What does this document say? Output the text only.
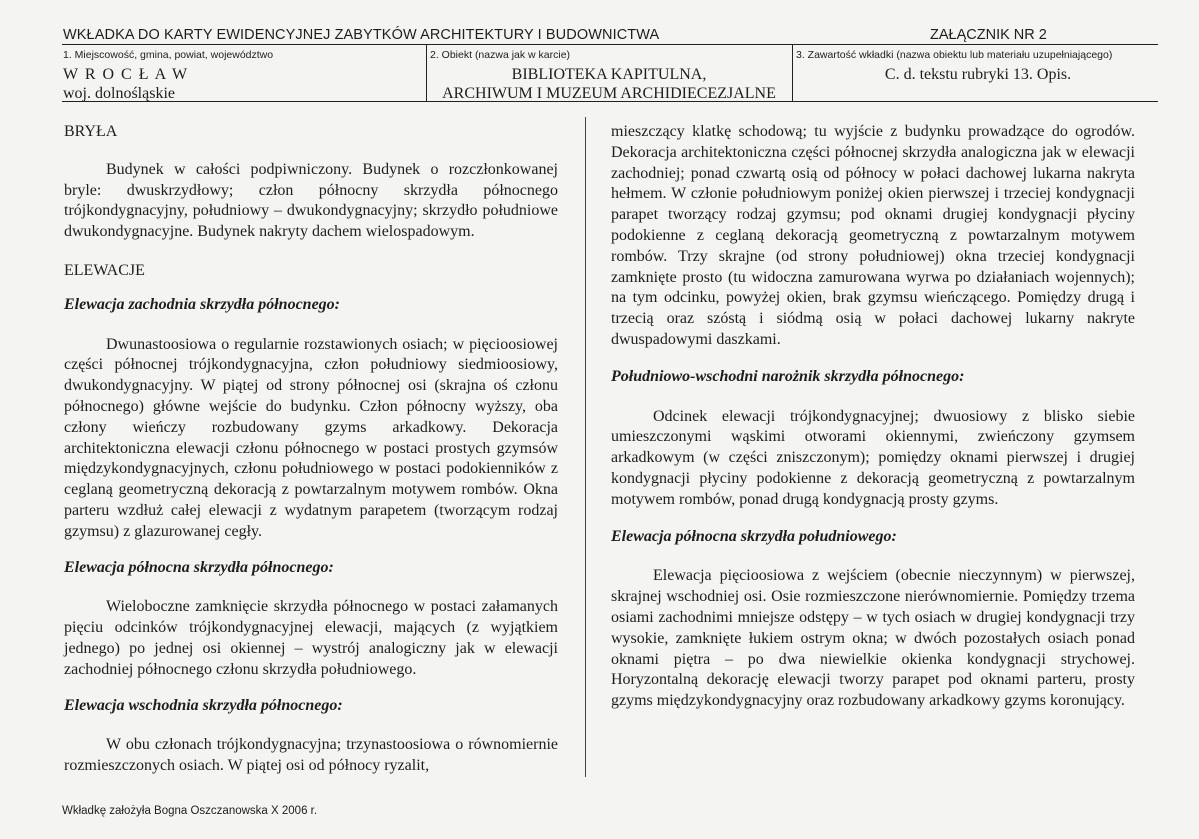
WKŁADKA DO KARTY EWIDENCYJNEJ ZABYTKÓW ARCHITEKTURY I BUDOWNICTWA	ZAŁĄCZNIK NR 2
1. Miejscowość, gmina, powiat, województwo
W R O C Ł A W
woj. dolnośląskie
2. Obiekt (nazwa jak w karcie)
BIBLIOTEKA KAPITULNA,
ARCHIWUM I MUZEUM ARCHIDIECEZJALNE
3. Zawartość wkładki (nazwa obiektu lub materiału uzupełniającego)
C. d. tekstu rubryki 13. Opis.

BRYŁA

Budynek w całości podpiwniczony. Budynek o rozczłonkowanej bryle: dwuskrzydłowy; człon północny skrzydła północnego trójkondygnacyjny, południowy – dwukondygnacyjny; skrzydło południowe dwukondygnacyjne. Budynek nakryty dachem wielospadowym.

ELEWACJE

Elewacja zachodnia skrzydła północnego:

Dwunastoosiowa o regularnie rozstawionych osiach; w pięcioosiowej części północnej trójkondygnacyjna, człon południowy siedmioosiowy, dwukondygnacyjny. W piątej od strony północnej osi (skrajna oś członu północnego) główne wejście do budynku. Człon północny wyższy, oba człony wieńczy rozbudowany gzyms arkadkowy. Dekoracja architektoniczna elewacji członu północnego w postaci prostych gzymsów międzykondygnacyjnych, członu południowego w postaci podokienników z ceglaną geometryczną dekoracją z powtarzalnym motywem rombów. Okna parteru wzdłuż całej elewacji z wydatnym parapetem (tworzącym rodzaj gzymsu) z glazurowanej cegły.

Elewacja północna skrzydła północnego:

Wieloboczne zamknięcie skrzydła północnego w postaci załamanych pięciu odcinków trójkondygnacyjnej elewacji, mających (z wyjątkiem jednego) po jednej osi okiennej – wystrój analogiczny jak w elewacji zachodniej północnego członu skrzydła południowego.

Elewacja wschodnia skrzydła północnego:

W obu członach trójkondygnacyjna; trzynastoosiowa o równomiernie rozmieszczonych osiach. W piątej osi od północy ryzalit,

mieszczący klatkę schodową; tu wyjście z budynku prowadzące do ogrodów. Dekoracja architektoniczna części północnej skrzydła analogiczna jak w elewacji zachodniej; ponad czwartą osią od północy w połaci dachowej lukarna nakryta hełmem. W członie południowym poniżej okien pierwszej i trzeciej kondygnacji parapet tworzący rodzaj gzymsu; pod oknami drugiej kondygnacji płyciny podokienne z ceglaną dekoracją geometryczną z powtarzalnym motywem rombów. Trzy skrajne (od strony południowej) okna trzeciej kondygnacji zamknięte prosto (tu widoczna zamurowana wyrwa po działaniach wojennych); na tym odcinku, powyżej okien, brak gzymsu wieńczącego. Pomiędzy drugą i trzecią oraz szóstą i siódmą osią w połaci dachowej lukarny nakryte dwuspadowymi daszkami.

Południowo-wschodni narożnik skrzydła północnego:

Odcinek elewacji trójkondygnacyjnej; dwuosiowy z blisko siebie umieszczonymi wąskimi otworami okiennymi, zwieńczony gzymsem arkadkowym (w części zniszczonym); pomiędzy oknami pierwszej i drugiej kondygnacji płyciny podokienne z dekoracją geometryczną z powtarzalnym motywem rombów, ponad drugą kondygnacją prosty gzyms.

Elewacja północna skrzydła południowego:

Elewacja pięcioosiowa z wejściem (obecnie nieczynnym) w pierwszej, skrajnej wschodniej osi. Osie rozmieszczone nierównomiernie. Pomiędzy trzema osiami zachodnimi mniejsze odstępy – w tych osiach w drugiej kondygnacji trzy wysokie, zamknięte łukiem ostrym okna; w dwóch pozostałych osiach ponad oknami piętra – po dwa niewielkie okienka kondygnacji strychowej. Horyzontalną dekorację elewacji tworzy parapet pod oknami parteru, prosty gzyms międzykondygnacyjny oraz rozbudowany arkadkowy gzyms koronujący.

Wkładkę założyła Bogna Oszczanowska X 2006 r.
